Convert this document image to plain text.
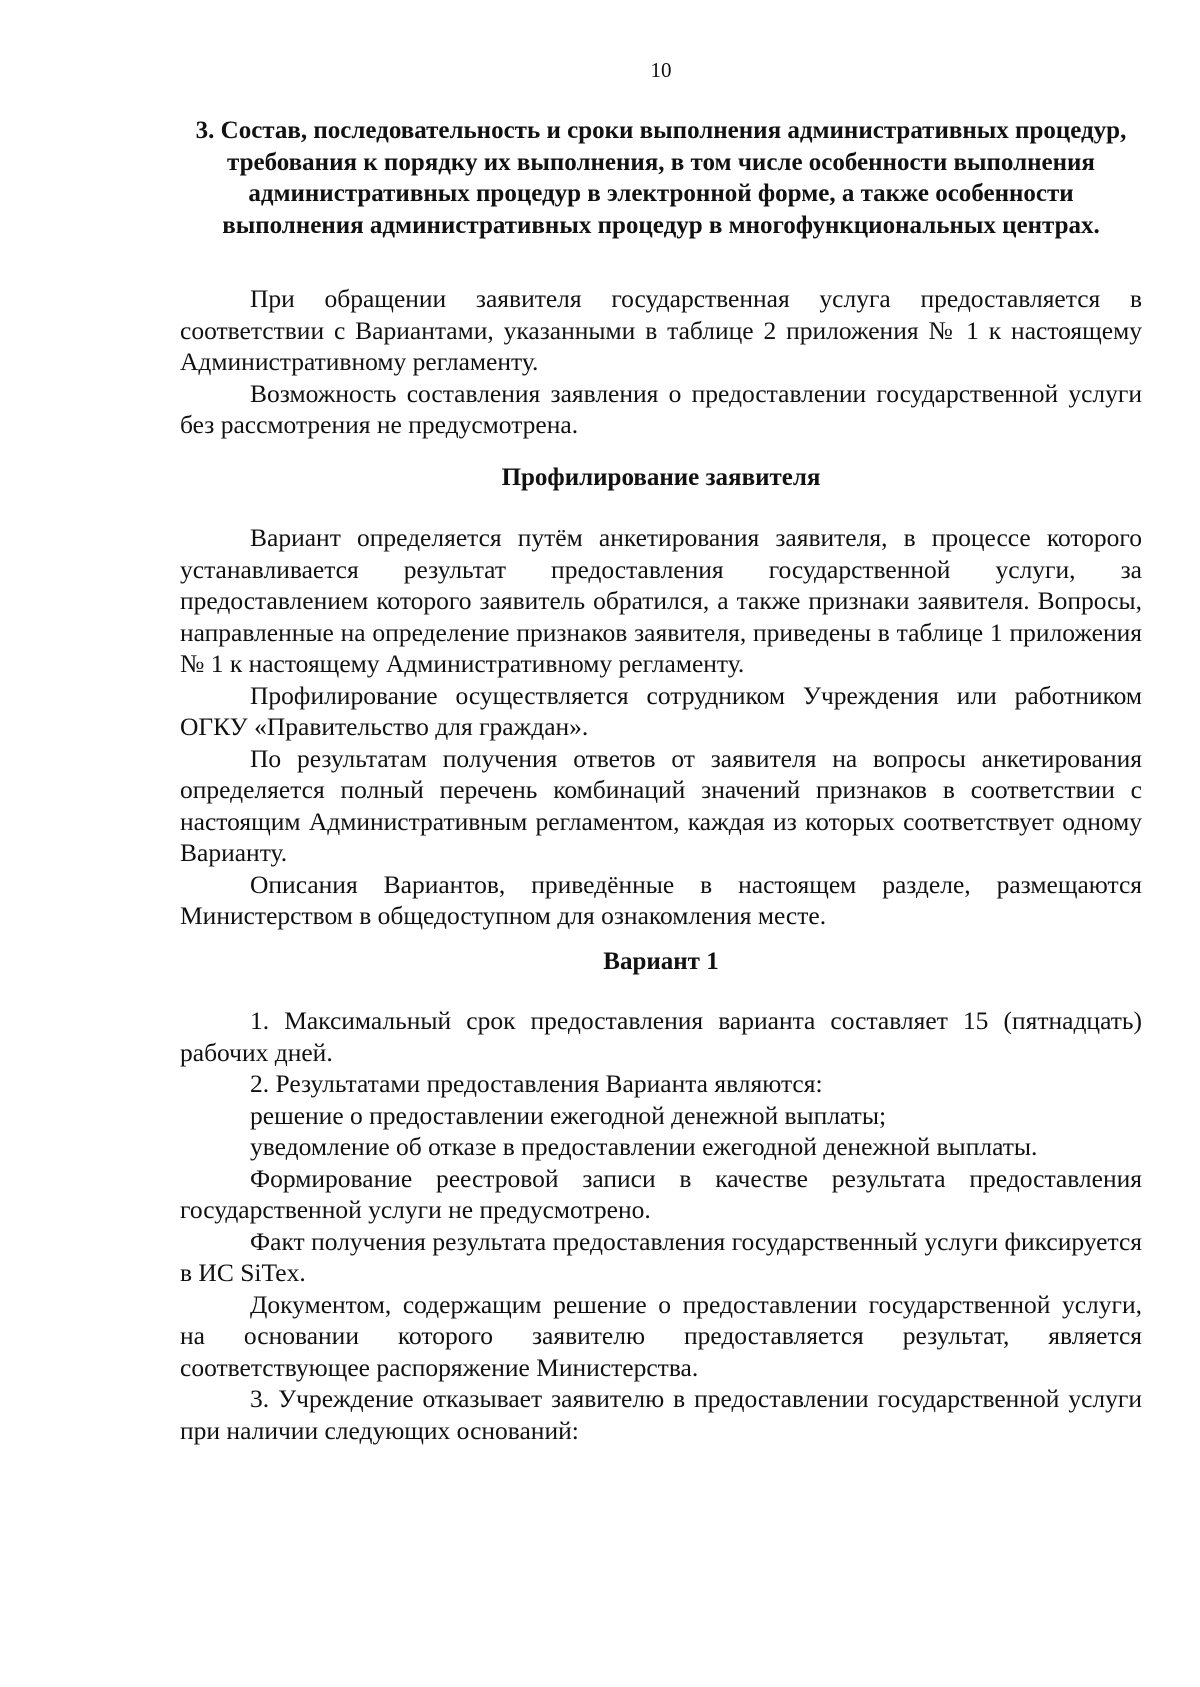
10
3. Состав, последовательность и сроки выполнения административных процедур, требования к порядку их выполнения, в том числе особенности выполнения административных процедур в электронной форме, а также особенности выполнения административных процедур в многофункциональных центрах.

При обращении заявителя государственная услуга предоставляется в соответствии с Вариантами, указанными в таблице 2 приложения № 1 к настоящему Административному регламенту.

Возможность составления заявления о предоставлении государственной услуги без рассмотрения не предусмотрена.

Профилирование заявителя

Вариант определяется путём анкетирования заявителя, в процессе которого устанавливается результат предоставления государственной услуги, за предоставлением которого заявитель обратился, а также признаки заявителя. Вопросы, направленные на определение признаков заявителя, приведены в таблице 1 приложения № 1 к настоящему Административному регламенту.

Профилирование осуществляется сотрудником Учреждения или работником ОГКУ «Правительство для граждан».

По результатам получения ответов от заявителя на вопросы анкетирования определяется полный перечень комбинаций значений признаков в соответствии с настоящим Административным регламентом, каждая из которых соответствует одному Варианту.

Описания Вариантов, приведённые в настоящем разделе, размещаются Министерством в общедоступном для ознакомления месте.

Вариант 1

1. Максимальный срок предоставления варианта составляет 15 (пятнадцать) рабочих дней.

2. Результатами предоставления Варианта являются:

решение о предоставлении ежегодной денежной выплаты;

уведомление об отказе в предоставлении ежегодной денежной выплаты.

Формирование реестровой записи в качестве результата предоставления государственной услуги не предусмотрено.

Факт получения результата предоставления государственный услуги фиксируется в ИС SiTex.

Документом, содержащим решение о предоставлении государственной услуги, на основании которого заявителю предоставляется результат, является соответствующее распоряжение Министерства.

3. Учреждение отказывает заявителю в предоставлении государственной услуги при наличии следующих оснований:
